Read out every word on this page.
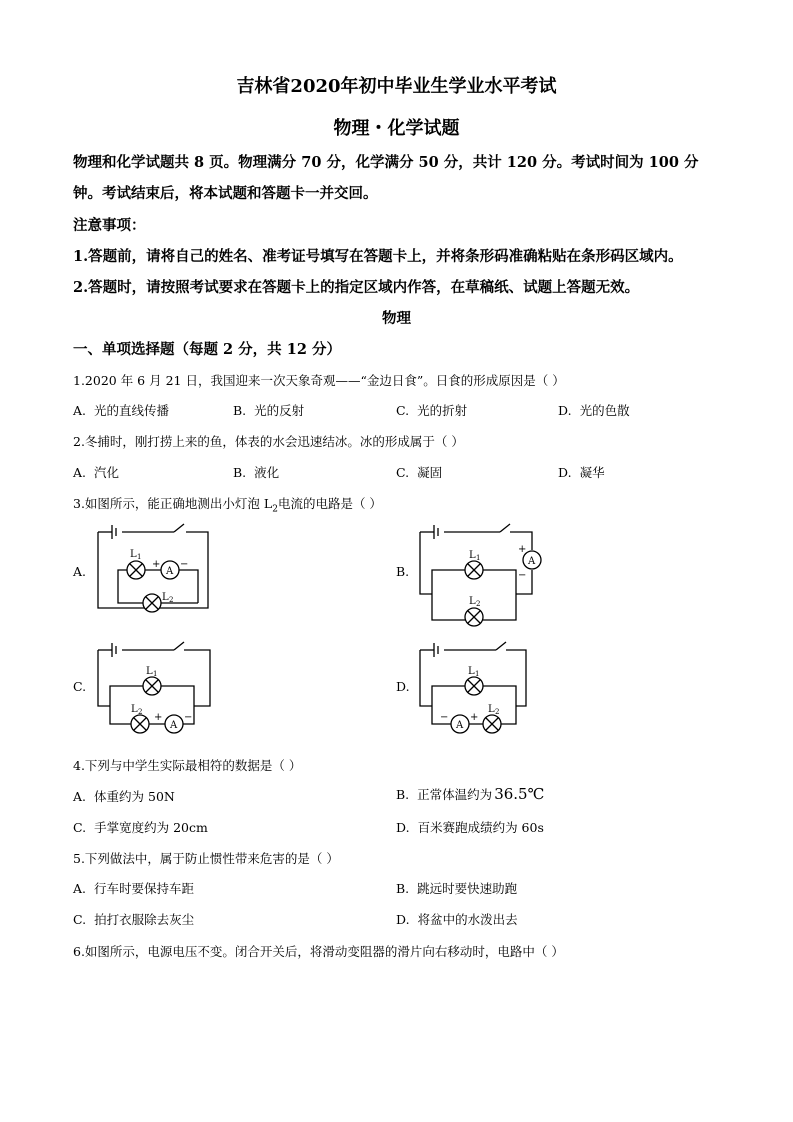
吉林省2020年初中毕业生学业水平考试
物理・化学试题
物理和化学试题共 8 页。物理满分 70 分，化学满分 50 分，共计 120 分。考试时间为 100 分
钟。考试结束后，将本试题和答题卡一并交回。
注意事项：
1.答题前，请将自己的姓名、准考证号填写在答题卡上，并将条形码准确粘贴在条形码区域内。
2.答题时，请按照考试要求在答题卡上的指定区域内作答，在草稿纸、试题上答题无效。
物理
一、单项选择题（每题 2 分，共 12 分）
1.2020 年 6 月 21 日，我国迎来一次天象奇观——“金边日食”。日食的形成原因是（ ）
A. 光的直线传播	B. 光的反射	C. 光的折射	D. 光的色散
2.冬捕时，刚打捞上来的鱼，体表的水会迅速结冰。冰的形成属于（ ）
A. 汽化	B. 液化	C. 凝固	D. 凝华
3.如图所示，能正确地测出小灯泡 $L_2$电流的电路是（ ）
A.	B.
C.	D.
L 1
A
+ −
L 2
L 1	A
+
−
L 2
L 1
L 2
A
+ −
L 1
A
− +
L 2
4.下列与中学生实际最相符的数据是（ ）
A. 体重约为 50N	B. 正常体温约为 36.5℃
C. 手掌宽度约为 20cm	D. 百米赛跑成绩约为 60s
5.下列做法中，属于防止惯性带来危害的是（ ）
A. 行车时要保持车距	B. 跳远时要快速助跑
C. 拍打衣服除去灰尘	D. 将盆中的水泼出去
6.如图所示，电源电压不变。闭合开关后，将滑动变阻器的滑片向右移动时，电路中（ ）
